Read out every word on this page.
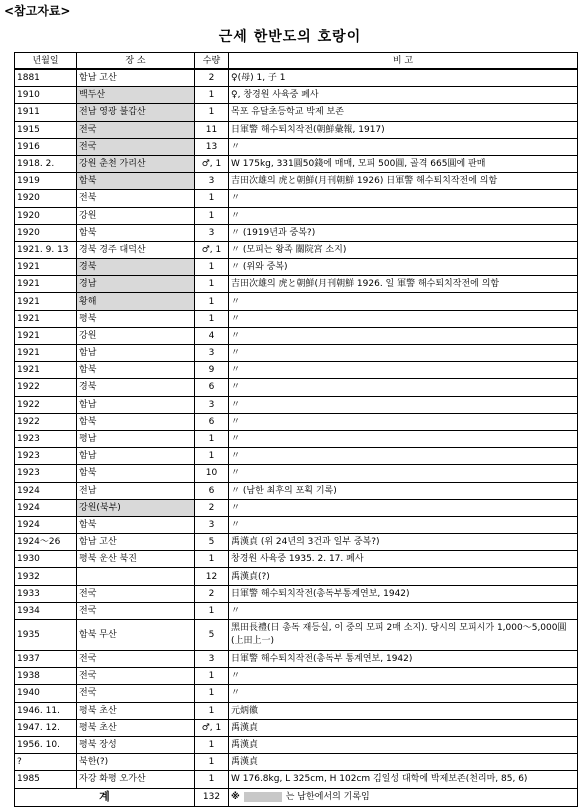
<참고자료>
근세 한반도의 호랑이
년월일	장 소	수량	비 고
1881	함남 고산	2	♀(母) 1, 子 1
1910	백두산	1	♀, 창경원 사육중 폐사
1911	전남 영광 불갑산	1	목포 유달초등학교 박제 보존
1915	전국	11	日軍警 해수퇴치작전(朝鮮彙報, 1917)
1916	전국	13	〃
1918. 2.	강원 춘천 가리산	♂, 1	W 175kg, 331圓50錢에 매매, 모피 500圓, 골격 665圓에 판매
1919	함북	3	吉田次雄의 虎と朝鮮(月刊朝鮮 1926) 日軍警 해수퇴치작전에 의함
1920	전북	1	〃
1920	강원	1	〃
1920	함북	3	〃 (1919년과 중복?)
1921. 9. 13	경북 경주 대덕산	♂, 1	〃 (모피는 왕족 關院宮 소지)
1921	경북	1	〃 (위와 중복)
1921	경남	1	吉田次雄의 虎と朝鮮(月刊朝鮮 1926. 일 軍警 해수퇴치작전에 의함
1921	황해	1	〃
1921	평북	1	〃
1921	강원	4	〃
1921	함남	3	〃
1921	함북	9	〃
1922	경북	6	〃
1922	함남	3	〃
1922	함북	6	〃
1923	평남	1	〃
1923	함남	1	〃
1923	함북	10	〃
1924	전남	6	〃 (남한 최후의 포획 기록)
1924	강원(북부)	2	〃
1924	함북	3	〃
1924～26	함남 고산	5	禹漢貞 (위 24년의 3건과 일부 중복?)
1930	평북 운산 북진	1	창경원 사육중 1935. 2. 17. 폐사
1932		12	禹漢貞(?)
1933	전국	2	日軍警 해수퇴치작전(총독부통계연보, 1942)
1934	전국	1	〃
1935	함북 무산	5	黑田長禮(日 총독 재등실, 이 중의 모피 2매 소지). 당시의 모피시가 1,000～5,000圓(上田上一)
1937	전국	3	日軍警 해수퇴치작전(총독부 통계연보, 1942)
1938	전국	1	〃
1940	전국	1	〃
1946. 11.	평북 초산	1	元炳徽
1947. 12.	평북 초산	♂, 1	禹漢貞
1956. 10.	평북 장성	1	禹漢貞
?	북한(?)	1	禹漢貞
1985	자강 화평 오가산	1	W 176.8kg, L 325cm, H 102cm 김일성 대학에 박제보존(천리마, 85, 6)
계		132	※ 는 남한에서의 기록임
